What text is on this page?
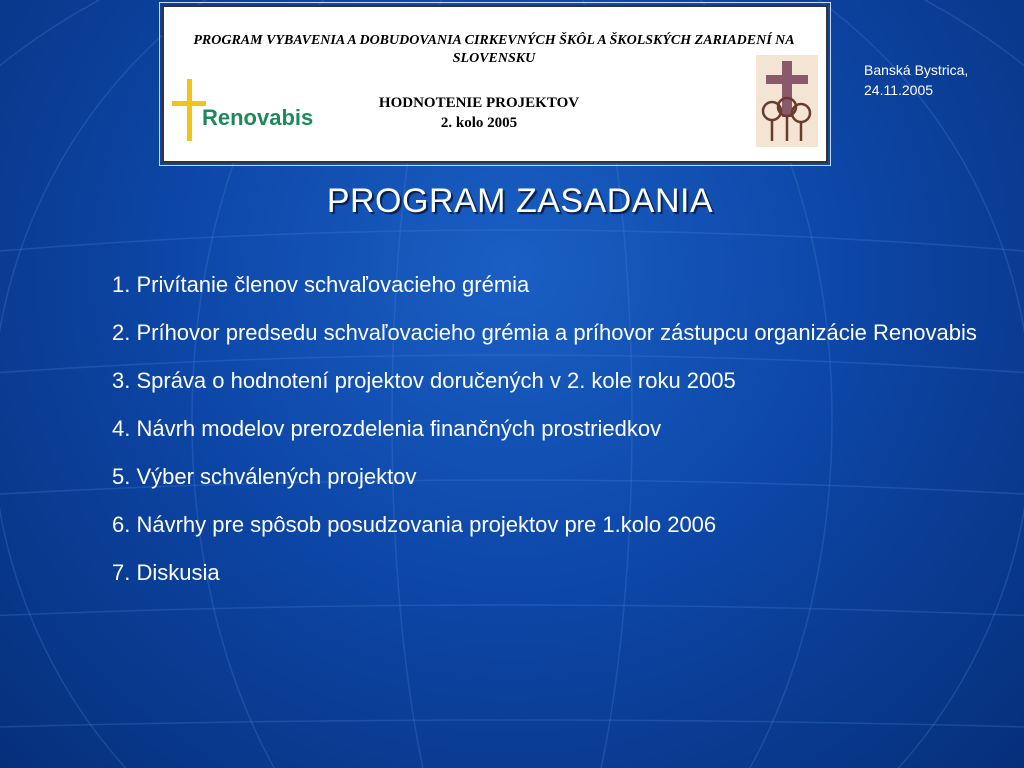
PROGRAM VYBAVENIA A DOBUDOVANIA CIRKEVNÝCH ŠKÔL A ŠKOLSKÝCH ZARIADENÍ NA SLOVENSKU
Renovabis
HODNOTENIE PROJEKTOV
2. kolo 2005
Banská Bystrica,
24.11.2005
PROGRAM ZASADANIA
1. Privítanie členov schvaľovacieho grémia
2. Príhovor predsedu schvaľovacieho grémia a príhovor zástupcu organizácie Renovabis
3. Správa o hodnotení projektov doručených v 2. kole roku 2005
4. Návrh modelov prerozdelenia finančných prostriedkov
5. Výber schválených projektov
6. Návrhy pre spôsob posudzovania projektov pre 1.kolo 2006
7. Diskusia
